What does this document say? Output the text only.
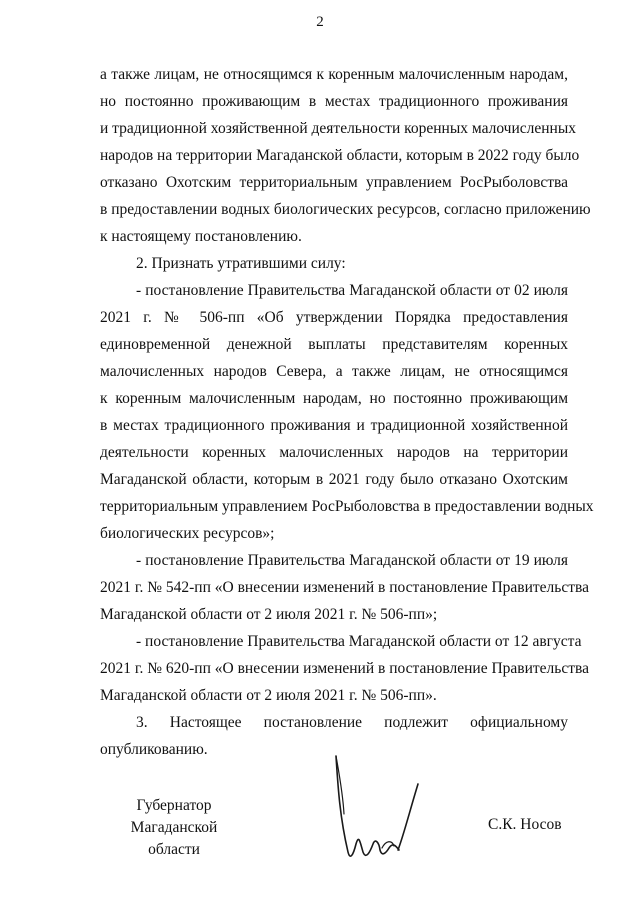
2

а также лицам, не относящимся к коренным малочисленным народам,
но постоянно проживающим в местах традиционного проживания
и традиционной хозяйственной деятельности коренных малочисленных
народов на территории Магаданской области, которым в 2022 году было
отказано Охотским территориальным управлением РосРыболовства
в предоставлении водных биологических ресурсов, согласно приложению
к настоящему постановлению.

2. Признать утратившими силу:

- постановление Правительства Магаданской области от 02 июля
2021 г. № 506-пп «Об утверждении Порядка предоставления
единовременной денежной выплаты представителям коренных
малочисленных народов Севера, а также лицам, не относящимся
к коренным малочисленным народам, но постоянно проживающим
в местах традиционного проживания и традиционной хозяйственной
деятельности коренных малочисленных народов на территории
Магаданской области, которым в 2021 году было отказано Охотским
территориальным управлением РосРыболовства в предоставлении водных
биологических ресурсов»;

- постановление Правительства Магаданской области от 19 июля
2021 г. № 542-пп «О внесении изменений в постановление Правительства
Магаданской области от 2 июля 2021 г. № 506-пп»;

- постановление Правительства Магаданской области от 12 августа
2021 г. № 620-пп «О внесении изменений в постановление Правительства
Магаданской области от 2 июля 2021 г. № 506-пп».

3. Настоящее постановление подлежит официальному
опубликованию.

Губернатор
Магаданской области
С.К. Носов
